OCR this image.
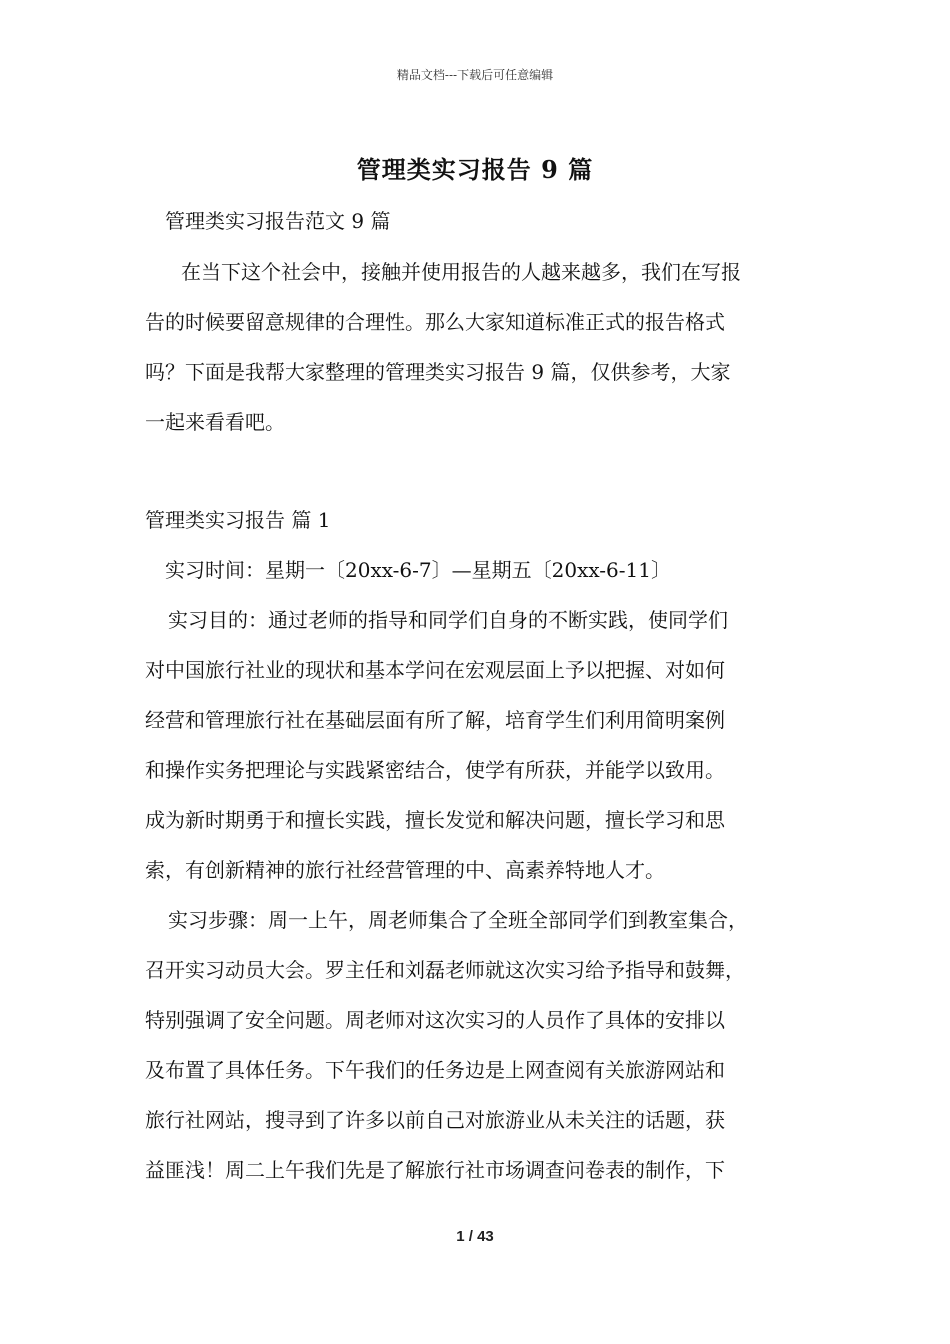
精品文档---下载后可任意编辑
管理类实习报告 9 篇
管理类实习报告范文 9 篇
在当下这个社会中，接触并使用报告的人越来越多，我们在写报
告的时候要留意规律的合理性。那么大家知道标准正式的报告格式
吗？下面是我帮大家整理的管理类实习报告 9 篇，仅供参考，大家
一起来看看吧。
管理类实习报告 篇 1
实习时间：星期一〔20xx-6-7〕—星期五〔20xx-6-11〕
实习目的：通过老师的指导和同学们自身的不断实践，使同学们
对中国旅行社业的现状和基本学问在宏观层面上予以把握、对如何
经营和管理旅行社在基础层面有所了解，培育学生们利用简明案例
和操作实务把理论与实践紧密结合，使学有所获，并能学以致用。
成为新时期勇于和擅长实践，擅长发觉和解决问题，擅长学习和思
索，有创新精神的旅行社经营管理的中、高素养特地人才。
实习步骤：周一上午，周老师集合了全班全部同学们到教室集合，
召开实习动员大会。罗主任和刘磊老师就这次实习给予指导和鼓舞，
特别强调了安全问题。周老师对这次实习的人员作了具体的安排以
及布置了具体任务。下午我们的任务边是上网查阅有关旅游网站和
旅行社网站，搜寻到了许多以前自己对旅游业从未关注的话题，获
益匪浅！周二上午我们先是了解旅行社市场调查问卷表的制作，下
1 / 43
